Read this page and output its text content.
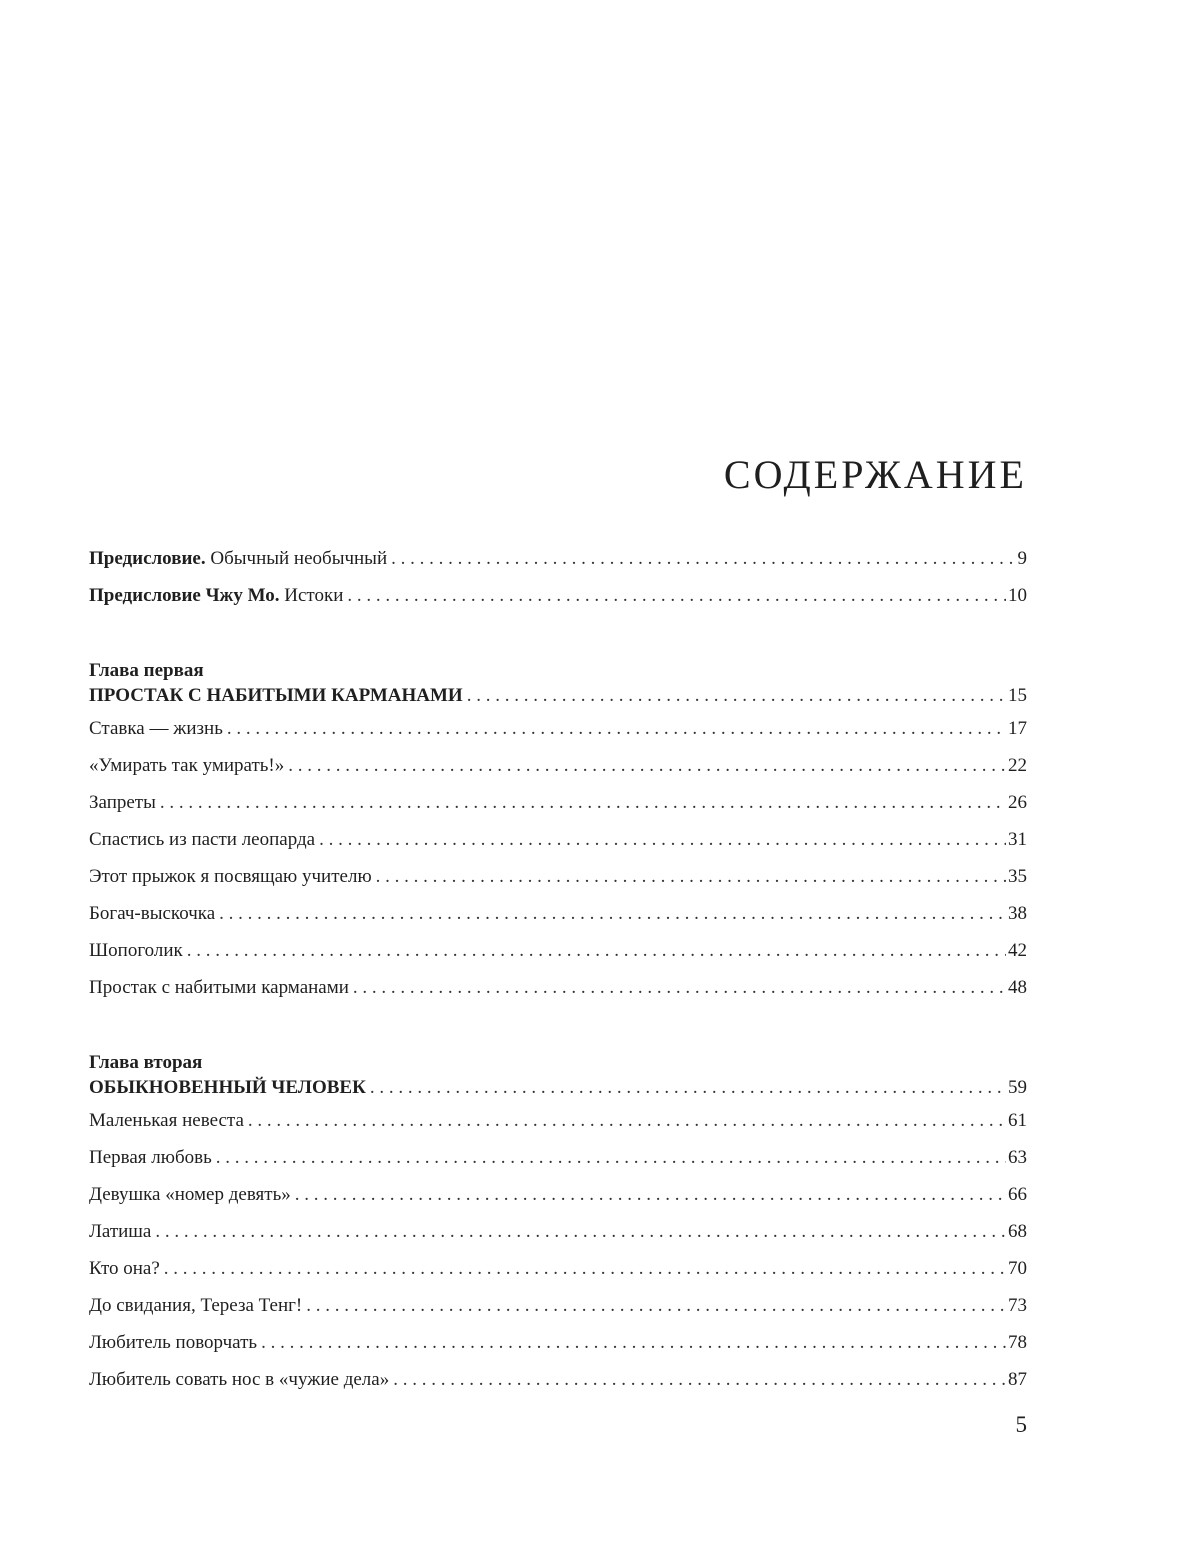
СОДЕРЖАНИЕ
Предисловие. Обычный необычный . . .	9
Предисловие Чжу Мо. Истоки . . .	10
Глава первая
ПРОСТАК С НАБИТЫМИ КАРМАНАМИ . . .	15
Ставка — жизнь . . .	17
«Умирать так умирать!» . . .	22
Запреты . . .	26
Спастись из пасти леопарда . . .	31
Этот прыжок я посвящаю учителю . . .	35
Богач-выскочка . . .	38
Шопоголик . . .	42
Простак с набитыми карманами . . .	48
Глава вторая
ОБЫКНОВЕННЫЙ ЧЕЛОВЕК . . .	59
Маленькая невеста . . .	61
Первая любовь . . .	63
Девушка «номер девять» . . .	66
Латиша . . .	68
Кто она? . . .	70
До свидания, Тереза Тенг! . . .	73
Любитель поворчать . . .	78
Любитель совать нос в «чужие дела» . . .	87
5
